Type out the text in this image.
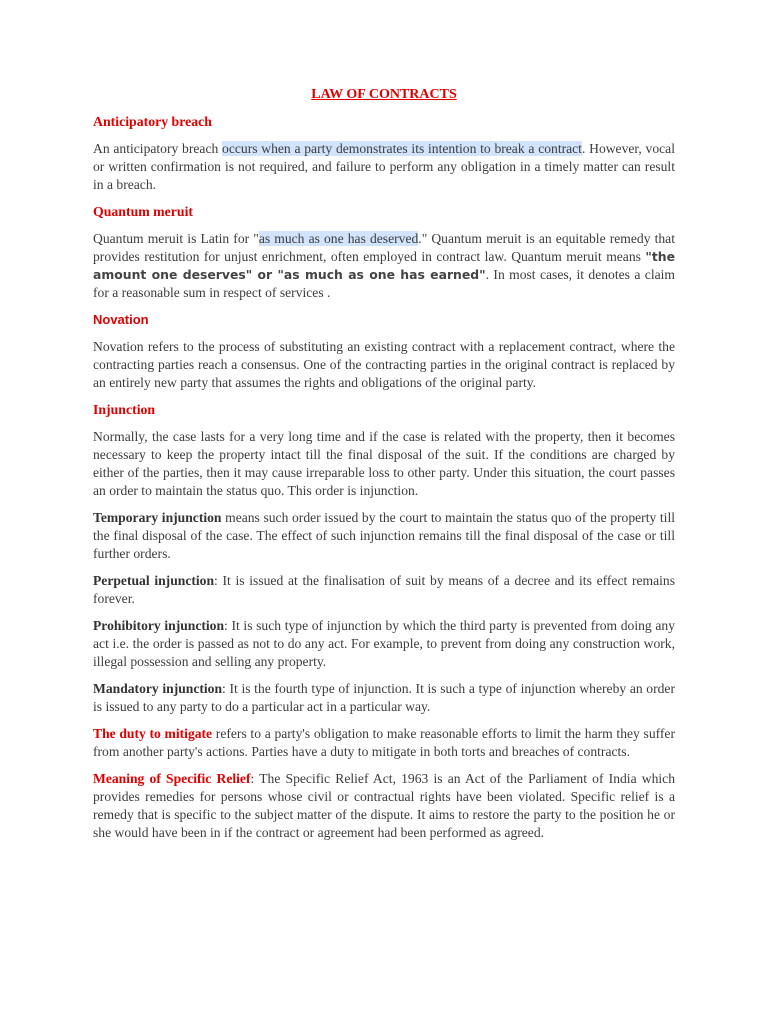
LAW OF CONTRACTS
Anticipatory breach

An anticipatory breach occurs when a party demonstrates its intention to break a contract. However, vocal or written confirmation is not required, and failure to perform any obligation in a timely matter can result in a breach.

Quantum meruit

Quantum meruit is Latin for "as much as one has deserved." Quantum meruit is an equitable remedy that provides restitution for unjust enrichment, often employed in contract law. Quantum meruit means "the amount one deserves" or "as much as one has earned". In most cases, it denotes a claim for a reasonable sum in respect of services .

Novation

Novation refers to the process of substituting an existing contract with a replacement contract, where the contracting parties reach a consensus. One of the contracting parties in the original contract is replaced by an entirely new party that assumes the rights and obligations of the original party.

Injunction

Normally, the case lasts for a very long time and if the case is related with the property, then it becomes necessary to keep the property intact till the final disposal of the suit. If the conditions are charged by either of the parties, then it may cause irreparable loss to other party. Under this situation, the court passes an order to maintain the status quo. This order is injunction.

Temporary injunction means such order issued by the court to maintain the status quo of the property till the final disposal of the case. The effect of such injunction remains till the final disposal of the case or till further orders.

Perpetual injunction: It is issued at the finalisation of suit by means of a decree and its effect remains forever.

Prohibitory injunction: It is such type of injunction by which the third party is prevented from doing any act i.e. the order is passed as not to do any act. For example, to prevent from doing any construction work, illegal possession and selling any property.

Mandatory injunction: It is the fourth type of injunction. It is such a type of injunction whereby an order is issued to any party to do a particular act in a particular way.

The duty to mitigate refers to a party's obligation to make reasonable efforts to limit the harm they suffer from another party's actions. Parties have a duty to mitigate in both torts and breaches of contracts.

Meaning of Specific Relief: The Specific Relief Act, 1963 is an Act of the Parliament of India which provides remedies for persons whose civil or contractual rights have been violated. Specific relief is a remedy that is specific to the subject matter of the dispute. It aims to restore the party to the position he or she would have been in if the contract or agreement had been performed as agreed.
